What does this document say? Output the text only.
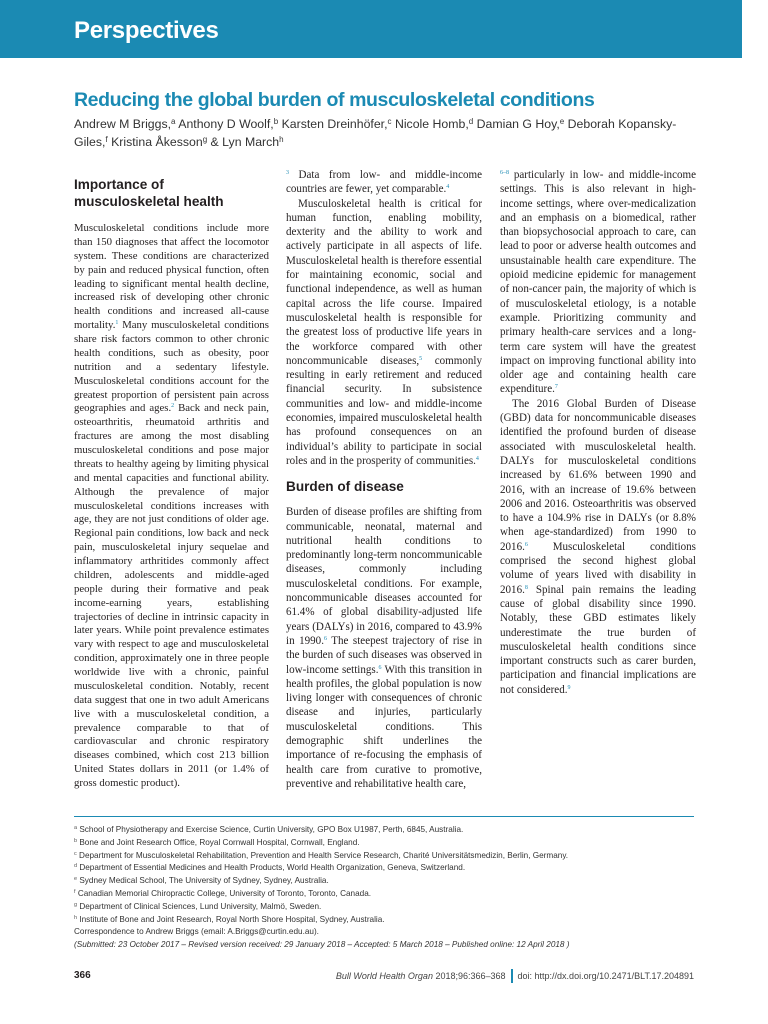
Perspectives
Reducing the global burden of musculoskeletal conditions
Andrew M Briggs,$^a$ Anthony D Woolf,$^b$ Karsten Dreinhöfer,$^c$ Nicole Homb,$^d$ Damian G Hoy,$^e$ Deborah Kopansky-Giles,$^f$ Kristina Åkesson$^g$ & Lyn March$^h$
Importance of musculoskeletal health

Musculoskeletal conditions include more than 150 diagnoses that affect the locomotor system. These conditions are characterized by pain and reduced physical function, often leading to significant mental health decline, increased risk of developing other chronic health conditions and increased all-cause mortality.$^1$ Many musculoskeletal conditions share risk factors common to other chronic health conditions, such as obesity, poor nutrition and a sedentary lifestyle. Musculoskeletal conditions account for the greatest proportion of persistent pain across geographies and ages.$^2$ Back and neck pain, osteoarthritis, rheumatoid arthritis and fractures are among the most disabling musculoskeletal conditions and pose major threats to healthy ageing by limiting physical and mental capacities and functional ability. Although the prevalence of major musculoskeletal conditions increases with age, they are not just conditions of older age. Regional pain conditions, low back and neck pain, musculoskeletal injury sequelae and inflammatory arthritides commonly affect children, adolescents and middle-aged people during their formative and peak income-earning years, establishing trajectories of decline in intrinsic capacity in later years. While point prevalence estimates vary with respect to age and musculoskeletal condition, approximately one in three people worldwide live with a chronic, painful musculoskeletal condition. Notably, recent data suggest that one in two adult Americans live with a musculoskeletal condition, a prevalence comparable to that of cardiovascular and chronic respiratory diseases combined, which cost 213 billion United States dollars in 2011 (or 1.4% of gross domestic product).

$^3$ Data from low- and middle-income countries are fewer, yet comparable.$^4$

Musculoskeletal health is critical for human function, enabling mobility, dexterity and the ability to work and actively participate in all aspects of life. Musculoskeletal health is therefore essential for maintaining economic, social and functional independence, as well as human capital across the life course. Impaired musculoskeletal health is responsible for the greatest loss of productive life years in the workforce compared with other noncommunicable diseases,$^5$ commonly resulting in early retirement and reduced financial security. In subsistence communities and low- and middle-income economies, impaired musculoskeletal health has profound consequences on an individual’s ability to participate in social roles and in the prosperity of communities.$^4$

Burden of disease

Burden of disease profiles are shifting from communicable, neonatal, maternal and nutritional health conditions to predominantly long-term noncommunicable diseases, commonly including musculoskeletal conditions. For example, noncommunicable diseases accounted for 61.4% of global disability-adjusted life years (DALYs) in 2016, compared to 43.9% in 1990.$^6$ The steepest trajectory of rise in the burden of such diseases was observed in low-income settings.$^6$ With this transition in health profiles, the global population is now living longer with consequences of chronic disease and injuries, particularly musculoskeletal conditions. This demographic shift underlines the importance of re-focusing the emphasis of health care from curative to promotive, preventive and rehabilitative health care,

$^{6-8}$ particularly in low- and middle-income settings. This is also relevant in high-income settings, where over-medicalization and an emphasis on a biomedical, rather than biopsychosocial approach to care, can lead to poor or adverse health outcomes and unsustainable health care expenditure. The opioid medicine epidemic for management of non-cancer pain, the majority of which is of musculoskeletal etiology, is a notable example. Prioritizing community and primary health-care services and a long-term care system will have the greatest impact on improving functional ability into older age and containing health care expenditure.$^7$

The 2016 Global Burden of Disease (GBD) data for noncommunicable diseases identified the profound burden of disease associated with musculoskeletal health. DALYs for musculoskeletal conditions increased by 61.6% between 1990 and 2016, with an increase of 19.6% between 2006 and 2016. Osteoarthritis was observed to have a 104.9% rise in DALYs (or 8.8% when age-standardized) from 1990 to 2016.$^6$ Musculoskeletal conditions comprised the second highest global volume of years lived with disability in 2016.$^8$ Spinal pain remains the leading cause of global disability since 1990. Notably, these GBD estimates likely underestimate the true burden of musculoskeletal health conditions since important constructs such as carer burden, participation and financial implications are not considered.$^9$

$^a$ School of Physiotherapy and Exercise Science, Curtin University, GPO Box U1987, Perth, 6845, Australia.
$^b$ Bone and Joint Research Office, Royal Cornwall Hospital, Cornwall, England.
$^c$ Department for Musculoskeletal Rehabilitation, Prevention and Health Service Research, Charité Universitätsmedizin, Berlin, Germany.
$^d$ Department of Essential Medicines and Health Products, World Health Organization, Geneva, Switzerland.
$^e$ Sydney Medical School, The University of Sydney, Sydney, Australia.
$^f$ Canadian Memorial Chiropractic College, University of Toronto, Toronto, Canada.
$^g$ Department of Clinical Sciences, Lund University, Malmö, Sweden.
$^h$ Institute of Bone and Joint Research, Royal North Shore Hospital, Sydney, Australia.
Correspondence to Andrew Briggs (email: A.Briggs@curtin.edu.au).
(Submitted: 23 October 2017 – Revised version received: 29 January 2018 – Accepted: 5 March 2018 – Published online: 12 April 2018 )
366	Bull World Health Organ 2018;96:366–368 doi: http://dx.doi.org/10.2471/BLT.17.204891
